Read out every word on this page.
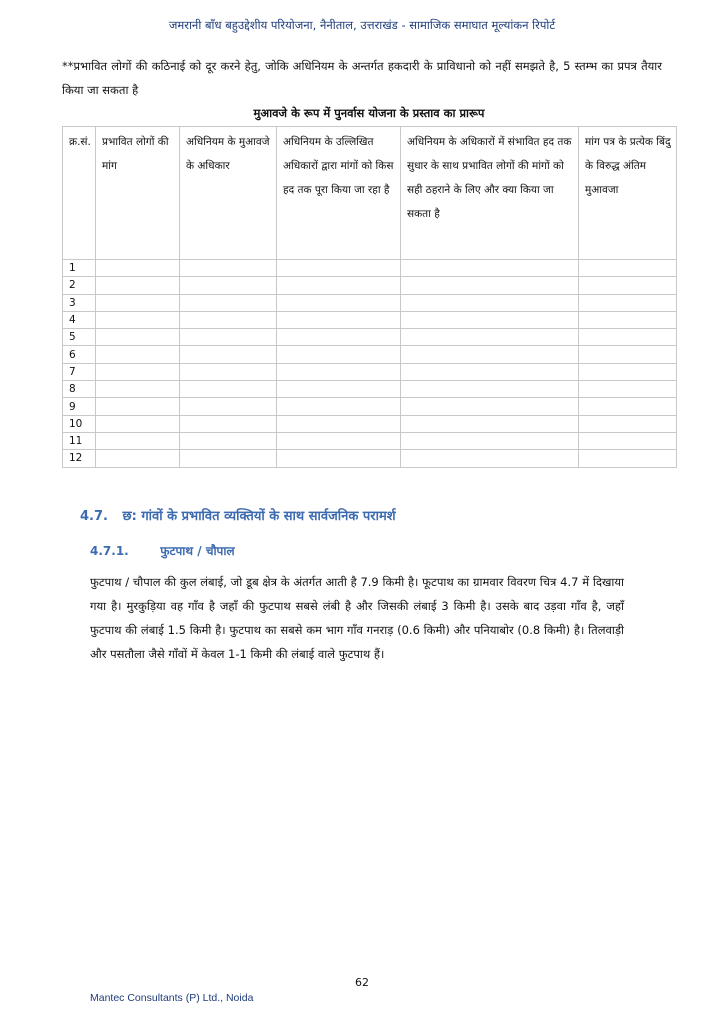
जमरानी बाँध बहुउद्देशीय परियोजना, नैनीताल, उत्तराखंड - सामाजिक समाघात मूल्यांकन रिपोर्ट
**प्रभावित लोगों की कठिनाई को दूर करने हेतु, जोकि अधिनियम के अन्तर्गत हकदारी के प्राविधानो को नहीं समझते है, 5 स्तम्भ का प्रपत्र तैयार किया जा सकता है
मुआवजे के रूप में पुनर्वास योजना के प्रस्ताव का प्रारूप
क्र.सं.	प्रभावित लोगों की मांग	अधिनियम के मुआवजे के अधिकार	अधिनियम के उल्लिखित अधिकारों द्वारा मांगों को किस हद तक पूरा किया जा रहा है	अधिनियम के अधिकारों में संभावित हद तक सुधार के साथ प्रभावित लोगों की मांगों को सही ठहराने के लिए और क्या किया जा सकता है	मांग पत्र के प्रत्येक बिंदु के विरुद्ध अंतिम मुआवजा
1					
2					
3					
4					
5					
6					
7					
8					
9					
10					
11					
12					
4.7. छ: गांवों के प्रभावित व्यक्तियों के साथ सार्वजनिक परामर्श
4.7.1.	फुटपाथ / चौपाल
फुटपाथ / चौपाल की कुल लंबाई, जो डूब क्षेत्र के अंतर्गत आती है 7.9 किमी है। फूटपाथ का ग्रामवार विवरण चित्र 4.7 में दिखाया गया है। मुरकुड़िया वह गाँव है जहाँ की फुटपाथ सबसे लंबी है और जिसकी लंबाई 3 किमी है। उसके बाद उड़वा गाँव है, जहाँ फुटपाथ की लंबाई 1.5 किमी है। फुटपाथ का सबसे कम भाग गाँव गनराड़ (0.6 किमी) और पनियाबोर (0.8 किमी) है। तिलवाड़ी और पसतौला जैसे गाँवों में केवल 1-1 किमी की लंबाई वाले फुटपाथ हैं।
62
Mantec Consultants (P) Ltd., Noida
